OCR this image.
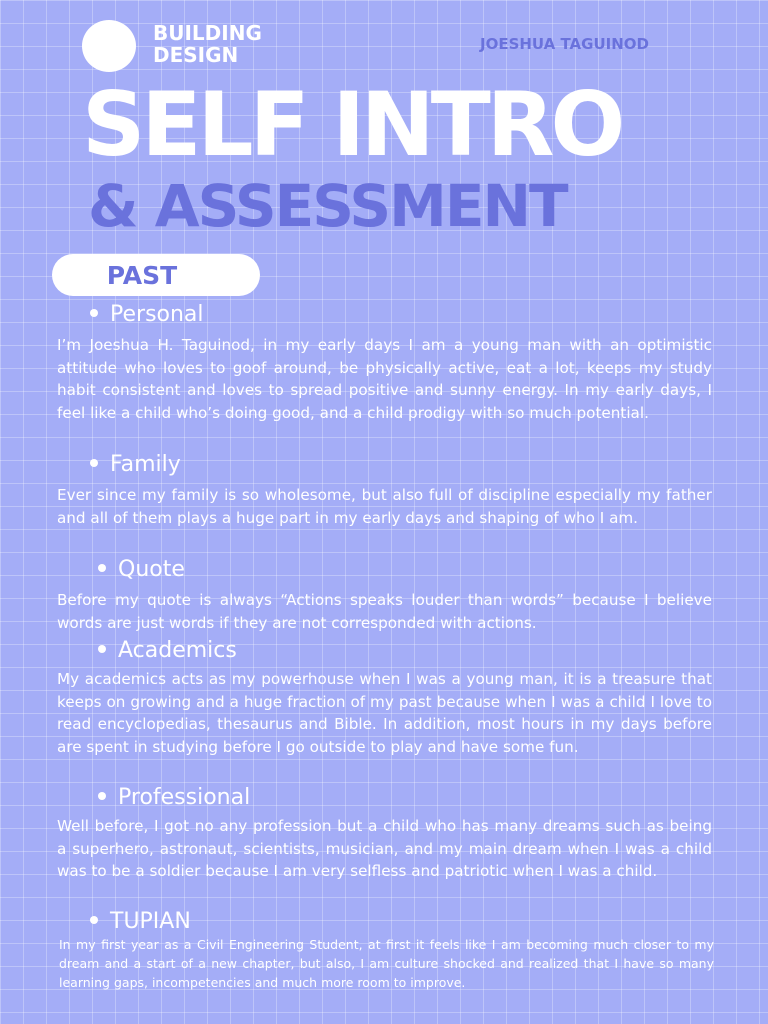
BUILDING
DESIGN	JOESHUA TAGUINOD
SELF INTRO
& ASSESSMENT
PAST
Personal

I’m Joeshua H. Taguinod, in my early days I am a young man with an optimistic attitude who loves to goof around, be physically active, eat a lot, keeps my study habit consistent and loves to spread positive and sunny energy. In my early days, I feel like a child who’s doing good, and a child prodigy with so much potential.

Family

Ever since my family is so wholesome, but also full of discipline especially my father and all of them plays a huge part in my early days and shaping of who I am.

Quote

Before my quote is always “Actions speaks louder than words” because I believe words are just words if they are not corresponded with actions.

Academics

My academics acts as my powerhouse when I was a young man, it is a treasure that keeps on growing and a huge fraction of my past because when I was a child I love to read encyclopedias, thesaurus and Bible. In addition, most hours in my days before are spent in studying before I go outside to play and have some fun.

Professional

Well before, I got no any profession but a child who has many dreams such as being a superhero, astronaut, scientists, musician, and my main dream when I was a child was to be a soldier because I am very selfless and patriotic when I was a child.

TUPIAN

In my first year as a Civil Engineering Student, at first it feels like I am becoming much closer to my dream and a start of a new chapter, but also, I am culture shocked and realized that I have so many learning gaps, incompetencies and much more room to improve.
